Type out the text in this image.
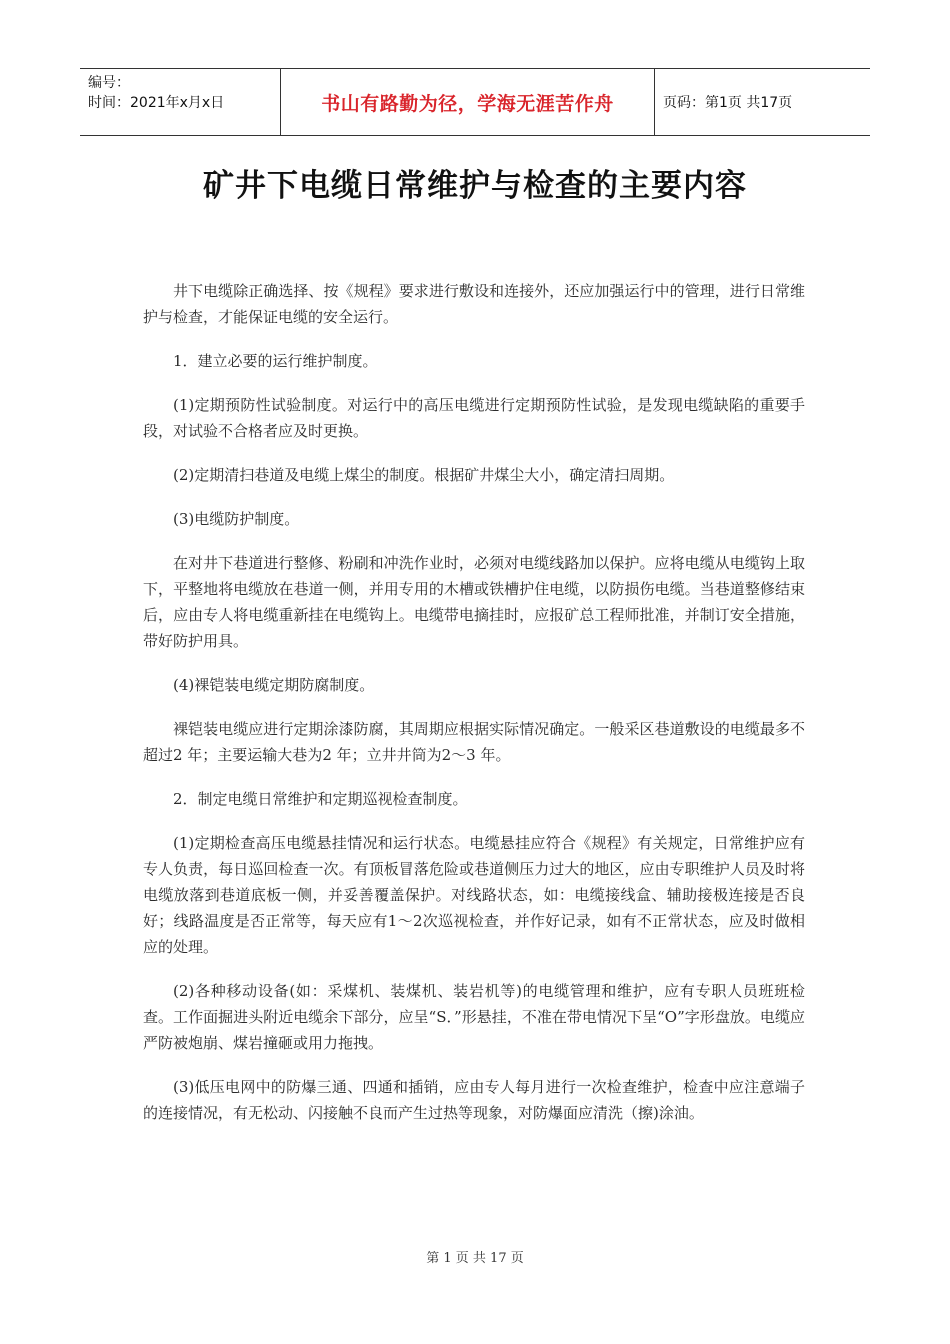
编号：
时间：2021年x月x日	书山有路勤为径，学海无涯苦作舟	页码：第1页 共17页
矿井下电缆日常维护与检查的主要内容

井下电缆除正确选择、按《规程》要求进行敷设和连接外，还应加强运行中的管理，进行日常维护与检查，才能保证电缆的安全运行。

1．建立必要的运行维护制度。

(1)定期预防性试验制度。对运行中的高压电缆进行定期预防性试验，是发现电缆缺陷的重要手段，对试验不合格者应及时更换。

(2)定期清扫巷道及电缆上煤尘的制度。根据矿井煤尘大小，确定清扫周期。

(3)电缆防护制度。

在对井下巷道进行整修、粉刷和冲洗作业时，必须对电缆线路加以保护。应将电缆从电缆钩上取下，平整地将电缆放在巷道一侧，并用专用的木槽或铁槽护住电缆，以防损伤电缆。当巷道整修结束后，应由专人将电缆重新挂在电缆钩上。电缆带电摘挂时，应报矿总工程师批准，并制订安全措施，带好防护用具。

(4)裸铠装电缆定期防腐制度。

裸铠装电缆应进行定期涂漆防腐，其周期应根据实际情况确定。一般采区巷道敷设的电缆最多不超过2 年；主要运输大巷为2 年；立井井筒为2～3 年。

2．制定电缆日常维护和定期巡视检查制度。

(1)定期检查高压电缆悬挂情况和运行状态。电缆悬挂应符合《规程》有关规定，日常维护应有专人负责，每日巡回检查一次。有顶板冒落危险或巷道侧压力过大的地区，应由专职维护人员及时将电缆放落到巷道底板一侧，并妥善覆盖保护。对线路状态，如：电缆接线盒、辅助接极连接是否良好；线路温度是否正常等，每天应有1～2次巡视检查，并作好记录，如有不正常状态，应及时做相应的处理。

(2)各种移动设备(如：采煤机、装煤机、装岩机等)的电缆管理和维护，应有专职人员班班检查。工作面掘进头附近电缆余下部分，应呈“S．”形悬挂，不准在带电情况下呈“O”字形盘放。电缆应严防被炮崩、煤岩撞砸或用力拖拽。

(3)低压电网中的防爆三通、四通和插销，应由专人每月进行一次检查维护，检查中应注意端子的连接情况，有无松动、闪接触不良而产生过热等现象，对防爆面应清洗（擦)涂油。

第 1 页 共 17 页
